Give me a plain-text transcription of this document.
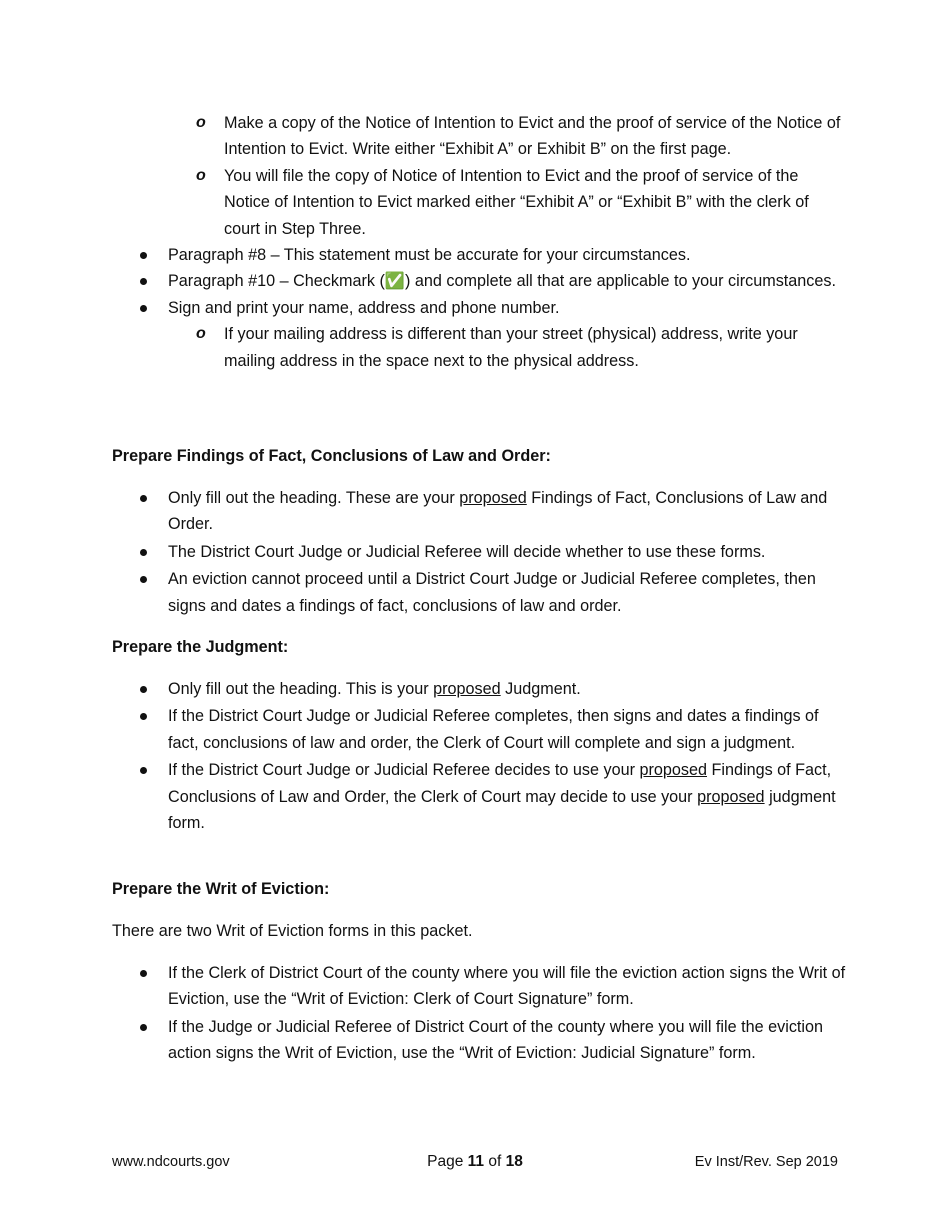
o Make a copy of the Notice of Intention to Evict and the proof of service of the Notice of Intention to Evict. Write either “Exhibit A” or Exhibit B” on the first page.
o You will file the copy of Notice of Intention to Evict and the proof of service of the Notice of Intention to Evict marked either “Exhibit A” or “Exhibit B” with the clerk of court in Step Three.
Paragraph #8 – This statement must be accurate for your circumstances.
Paragraph #10 – Checkmark (✅) and complete all that are applicable to your circumstances.
Sign and print your name, address and phone number.
o If your mailing address is different than your street (physical) address, write your mailing address in the space next to the physical address.
Prepare Findings of Fact, Conclusions of Law and Order:
Only fill out the heading. These are your proposed Findings of Fact, Conclusions of Law and Order.
The District Court Judge or Judicial Referee will decide whether to use these forms.
An eviction cannot proceed until a District Court Judge or Judicial Referee completes, then signs and dates a findings of fact, conclusions of law and order.
Prepare the Judgment:
Only fill out the heading. This is your proposed Judgment.
If the District Court Judge or Judicial Referee completes, then signs and dates a findings of fact, conclusions of law and order, the Clerk of Court will complete and sign a judgment.
If the District Court Judge or Judicial Referee decides to use your proposed Findings of Fact, Conclusions of Law and Order, the Clerk of Court may decide to use your proposed judgment form.
Prepare the Writ of Eviction:
There are two Writ of Eviction forms in this packet.
If the Clerk of District Court of the county where you will file the eviction action signs the Writ of Eviction, use the “Writ of Eviction: Clerk of Court Signature” form.
If the Judge or Judicial Referee of District Court of the county where you will file the eviction action signs the Writ of Eviction, use the “Writ of Eviction: Judicial Signature” form.
www.ndcourts.gov	Page 11 of 18	Ev Inst/Rev. Sep 2019
